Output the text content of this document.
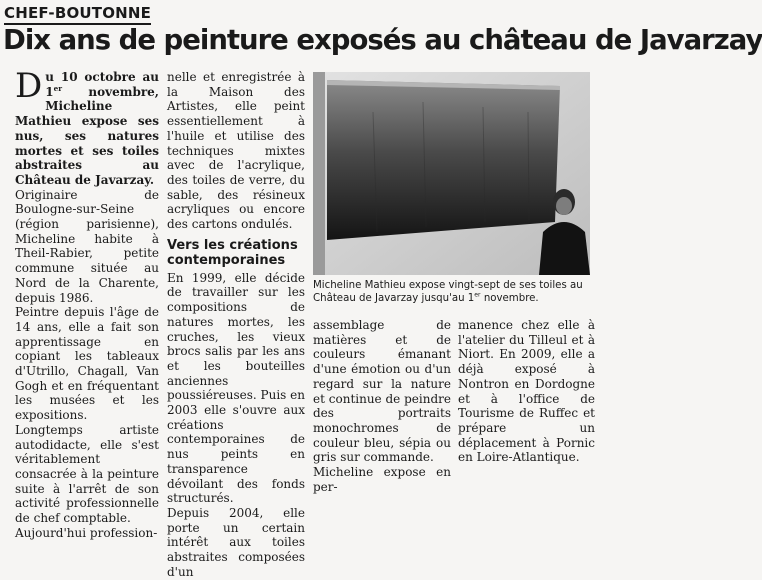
CHEF-BOUTONNE
Dix ans de peinture exposés au château de Javarzay

Du 10 octobre au 1er novembre, Micheline Mathieu expose ses nus, ses natures mortes et ses toiles abstraites au Château de Javarzay.

Originaire de Boulogne-sur-Seine (région parisienne), Micheline habite à Theil-Rabier, petite commune située au Nord de la Charente, depuis 1986.

Peintre depuis l'âge de 14 ans, elle a fait son apprentissage en copiant les tableaux d'Utrillo, Chagall, Van Gogh et en fréquentant les musées et les expositions.

Longtemps artiste autodidacte, elle s'est véritablement consacrée à la peinture suite à l'arrêt de son activité professionnelle de chef comptable.

Aujourd'hui profession-

nelle et enregistrée à la Maison des Artistes, elle peint essentiellement à l'huile et utilise des techniques mixtes avec de l'acrylique, des toiles de verre, du sable, des résineux acryliques ou encore des cartons ondulés.

Vers les créations contemporaines

En 1999, elle décide de travailler sur les compositions de natures mortes, les cruches, les vieux brocs salis par les ans et les bouteilles anciennes poussiéreuses. Puis en 2003 elle s'ouvre aux créations contemporaines de nus peints en transparence dévoilant des fonds structurés.

Depuis 2004, elle porte un certain intérêt aux toiles abstraites composées d'un

Micheline Mathieu expose vingt-sept de ses toiles au Château de Javarzay jusqu'au 1er novembre.

assemblage de matières et de couleurs émanant d'une émotion ou d'un regard sur la nature et continue de peindre des portraits monochromes de couleur bleu, sépia ou gris sur commande.

Micheline expose en per-

manence chez elle à l'atelier du Tilleul et à Niort. En 2009, elle a déjà exposé à Nontron en Dordogne et à l'office de Tourisme de Ruffec et prépare un déplacement à Pornic en Loire-Atlantique.
